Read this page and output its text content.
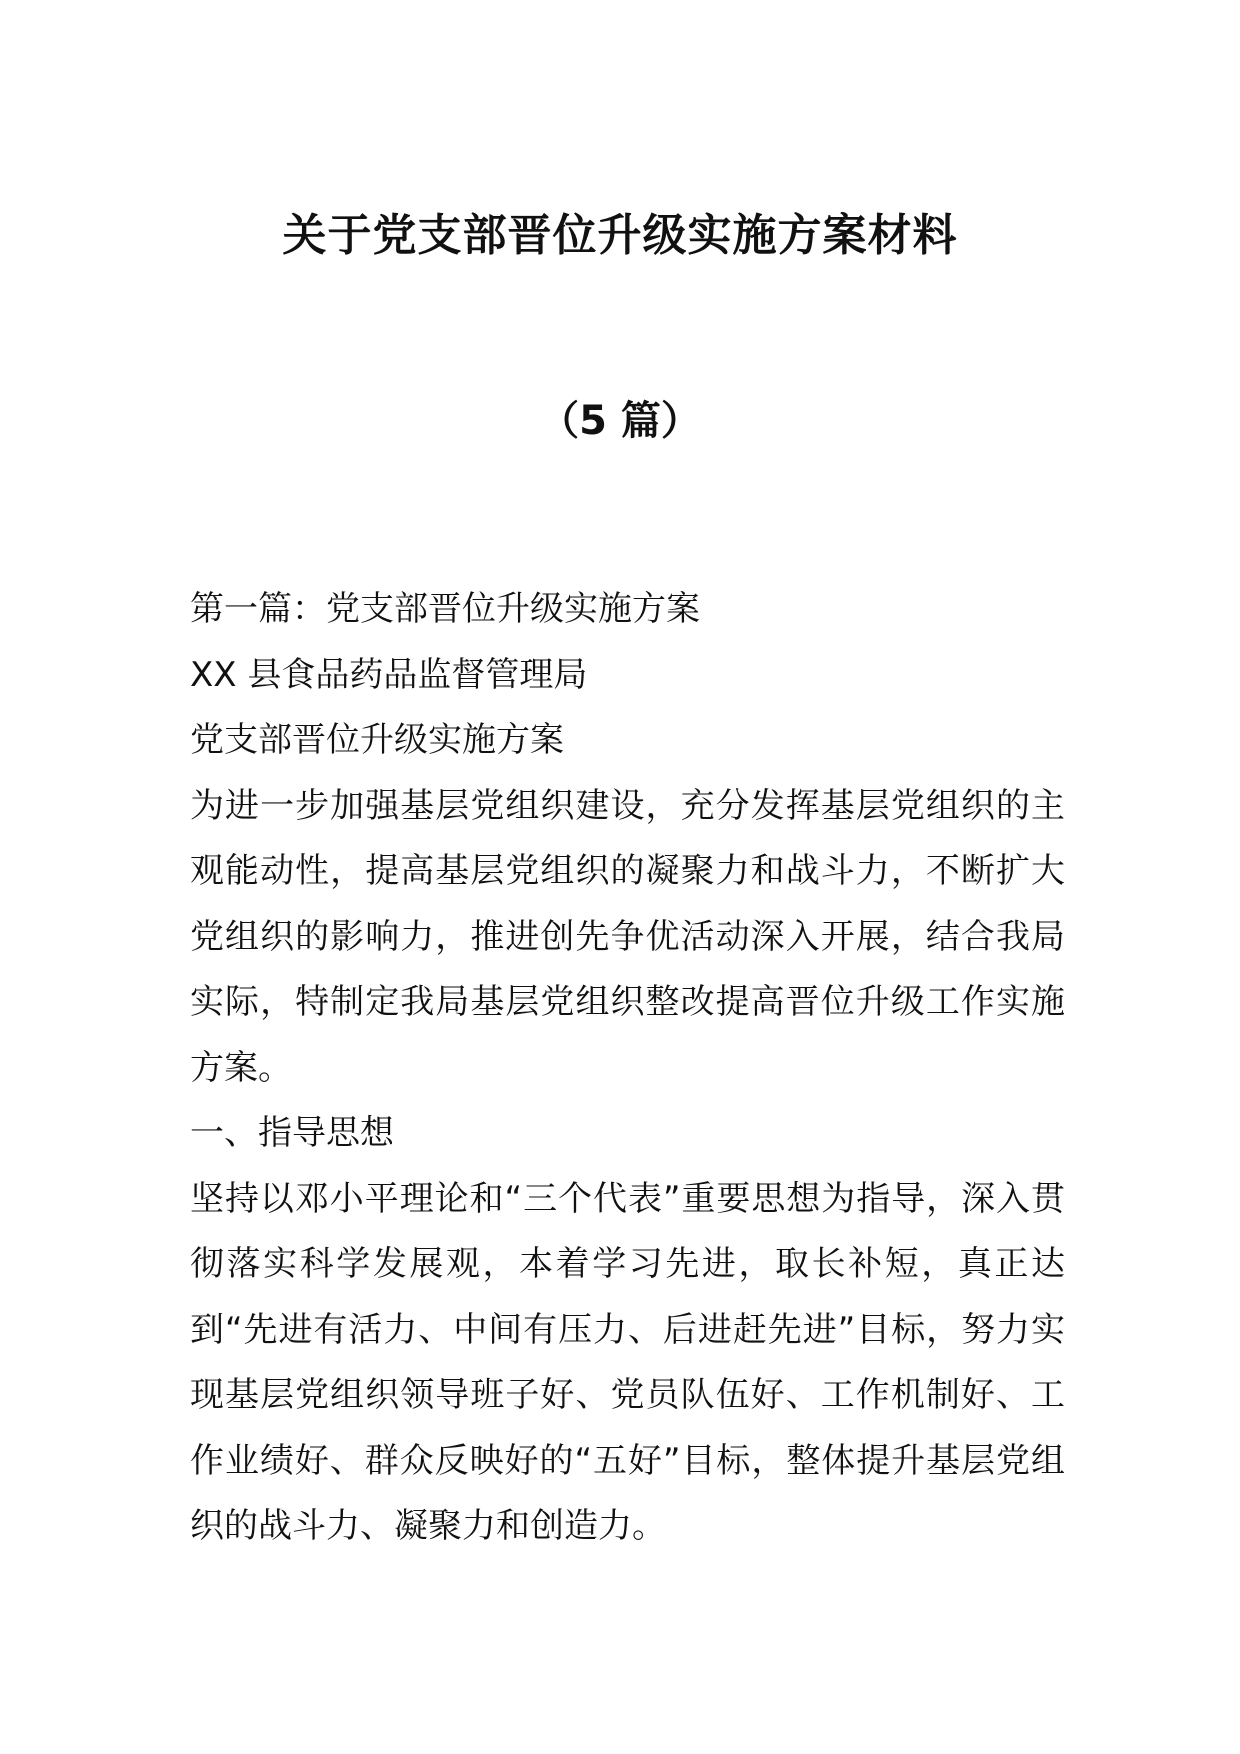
关于党支部晋位升级实施方案材料
（5 篇）

第一篇：党支部晋位升级实施方案

XX 县食品药品监督管理局

党支部晋位升级实施方案

为进一步加强基层党组织建设，充分发挥基层党组织的主观能动性，提高基层党组织的凝聚力和战斗力，不断扩大党组织的影响力，推进创先争优活动深入开展，结合我局实际，特制定我局基层党组织整改提高晋位升级工作实施方案。

一、指导思想

坚持以邓小平理论和“三个代表”重要思想为指导，深入贯彻落实科学发展观，本着学习先进，取长补短，真正达到“先进有活力、中间有压力、后进赶先进”目标，努力实现基层党组织领导班子好、党员队伍好、工作机制好、工作业绩好、群众反映好的“五好”目标，整体提升基层党组织的战斗力、凝聚力和创造力。
